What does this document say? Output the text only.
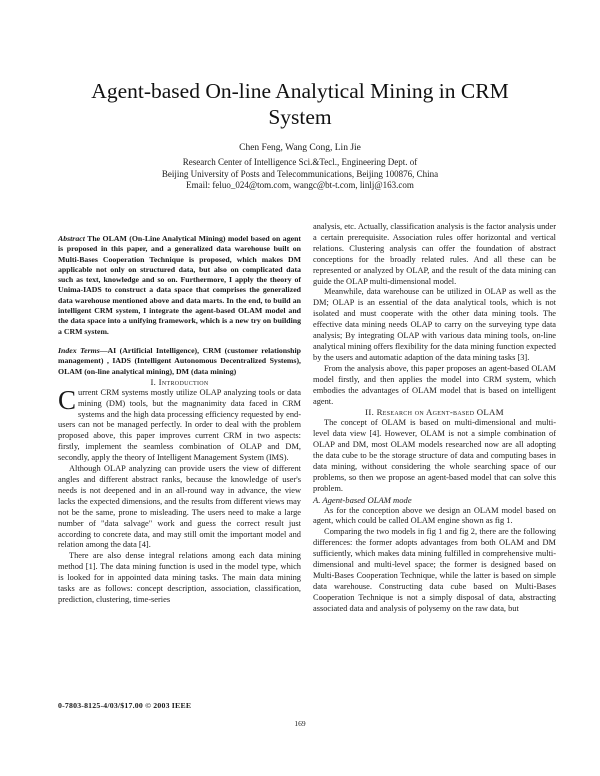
Agent-based On-line Analytical Mining in CRM
System
Chen Feng, Wang Cong, Lin Jie
Research Center of Intelligence Sci.&Tecl., Engineering Dept. of
Beijing University of Posts and Telecommunications, Beijing 100876, China
Email: feluo_024@tom.com, wangc@bt-t.com, linlj@163.com

Abstract The OLAM (On-Line Analytical Mining) model based on agent is proposed in this paper, and a generalized data warehouse built on Multi-Bases Cooperation Technique is proposed, which makes DM applicable not only on structured data, but also on complicated data such as text, knowledge and so on. Furthermore, I apply the theory of Unima-IADS to construct a data space that comprises the generalized data warehouse mentioned above and data marts. In the end, to build an intelligent CRM system, I integrate the agent-based OLAM model and the data space into a unifying framework, which is a new try on building a CRM system.

Index Terms—AI (Artificial Intelligence), CRM (customer relationship management) , IADS (Intelligent Autonomous Decentralized Systems), OLAM (on-line analytical mining), DM (data mining)

I. Introduction

Current CRM systems mostly utilize OLAP analyzing tools or data mining (DM) tools, but the magnanimity data faced in CRM systems and the high data processing efficiency requested by end-users can not be managed perfectly. In order to deal with the problem proposed above, this paper improves current CRM in two aspects: firstly, implement the seamless combination of OLAP and DM, secondly, apply the theory of Intelligent Management System (IMS).

Although OLAP analyzing can provide users the view of different angles and different abstract ranks, because the knowledge of user's needs is not deepened and in an all-round way in advance, the view lacks the expected dimensions, and the results from different views may not be the same, prone to misleading. The users need to make a large number of "data salvage" work and guess the correct result just according to concrete data, and may still omit the important model and relation among the data [4].

There are also dense integral relations among each data mining method [1]. The data mining function is used in the model type, which is looked for in appointed data mining tasks. The main data mining tasks are as follows: concept description, association, classification, prediction, clustering, time-series

analysis, etc. Actually, classification analysis is the factor analysis under a certain prerequisite. Association rules offer horizontal and vertical relations. Clustering analysis can offer the foundation of abstract conceptions for the broadly related rules. And all these can be represented or analyzed by OLAP, and the result of the data mining can guide the OLAP multi-dimensional model.

Meanwhile, data warehouse can be utilized in OLAP as well as the DM; OLAP is an essential of the data analytical tools, which is not isolated and must cooperate with the other data mining tools. The effective data mining needs OLAP to carry on the surveying type data analysis; By integrating OLAP with various data mining tools, on-line analytical mining offers flexibility for the data mining function expected by the users and automatic adaption of the data mining tasks [3].

From the analysis above, this paper proposes an agent-based OLAM model firstly, and then applies the model into CRM system, which embodies the advantages of OLAM model that is based on intelligent agent.

II. Research on Agent-based OLAM

The concept of OLAM is based on multi-dimensional and multi-level data view [4]. However, OLAM is not a simple combination of OLAP and DM, most OLAM models researched now are all adopting the data cube to be the storage structure of data and computing bases in data mining, without considering the whole searching space of our problems, so then we propose an agent-based model that can solve this problem.

A. Agent-based OLAM mode

As for the conception above we design an OLAM model based on agent, which could be called OLAM engine shown as fig 1.

Comparing the two models in fig 1 and fig 2, there are the following differences: the former adopts advantages from both OLAM and DM sufficiently, which makes data mining fulfilled in comprehensive multi-dimensional and multi-level space; the former is designed based on Multi-Bases Cooperation Technique, while the latter is based on simple data warehouse. Constructing data cube based on Multi-Bases Cooperation Technique is not a simply disposal of data, abstracting associated data and analysis of polysemy on the raw data, but

0-7803-8125-4/03/$17.00 © 2003 IEEE
169
